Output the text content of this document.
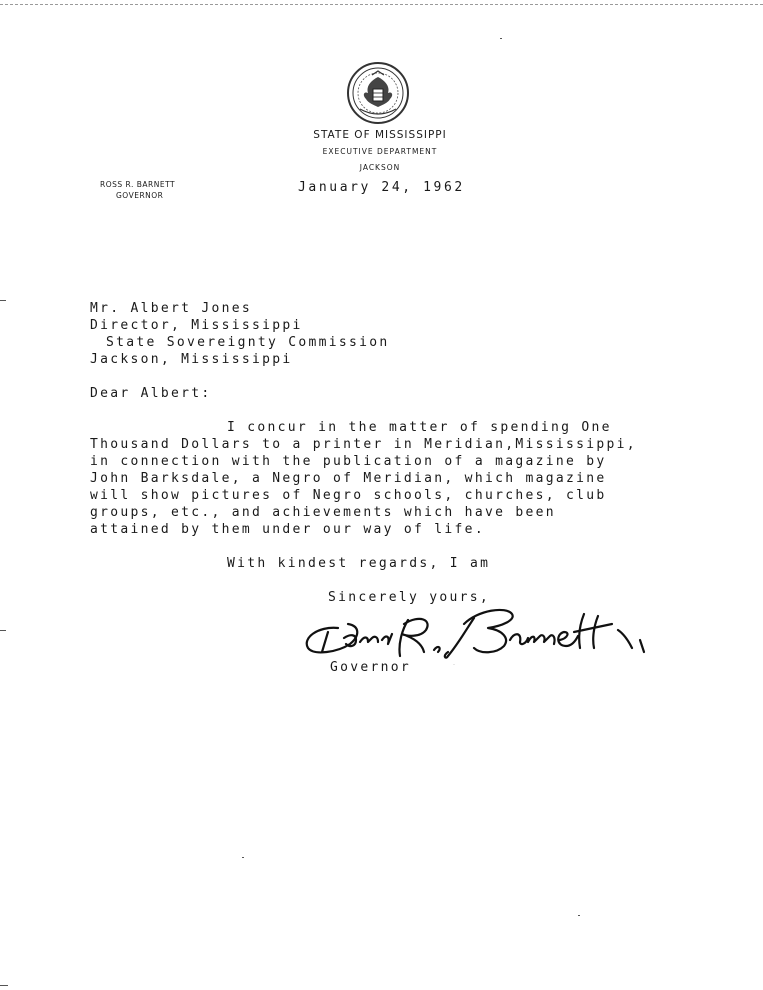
STATE OF MISSISSIPPI
EXECUTIVE DEPARTMENT
JACKSON
ROSS R. BARNETT
GOVERNOR
January 24, 1962
Mr. Albert Jones
Director, Mississippi
State Sovereignty Commission
Jackson, Mississippi
Dear Albert:
I concur in the matter of spending One
Thousand Dollars to a printer in Meridian,Mississippi,
in connection with the publication of a magazine by
John Barksdale, a Negro of Meridian, which magazine
will show pictures of Negro schools, churches, club
groups, etc., and achievements which have been
attained by them under our way of life.
With kindest regards, I am
Sincerely yours,
Governor
